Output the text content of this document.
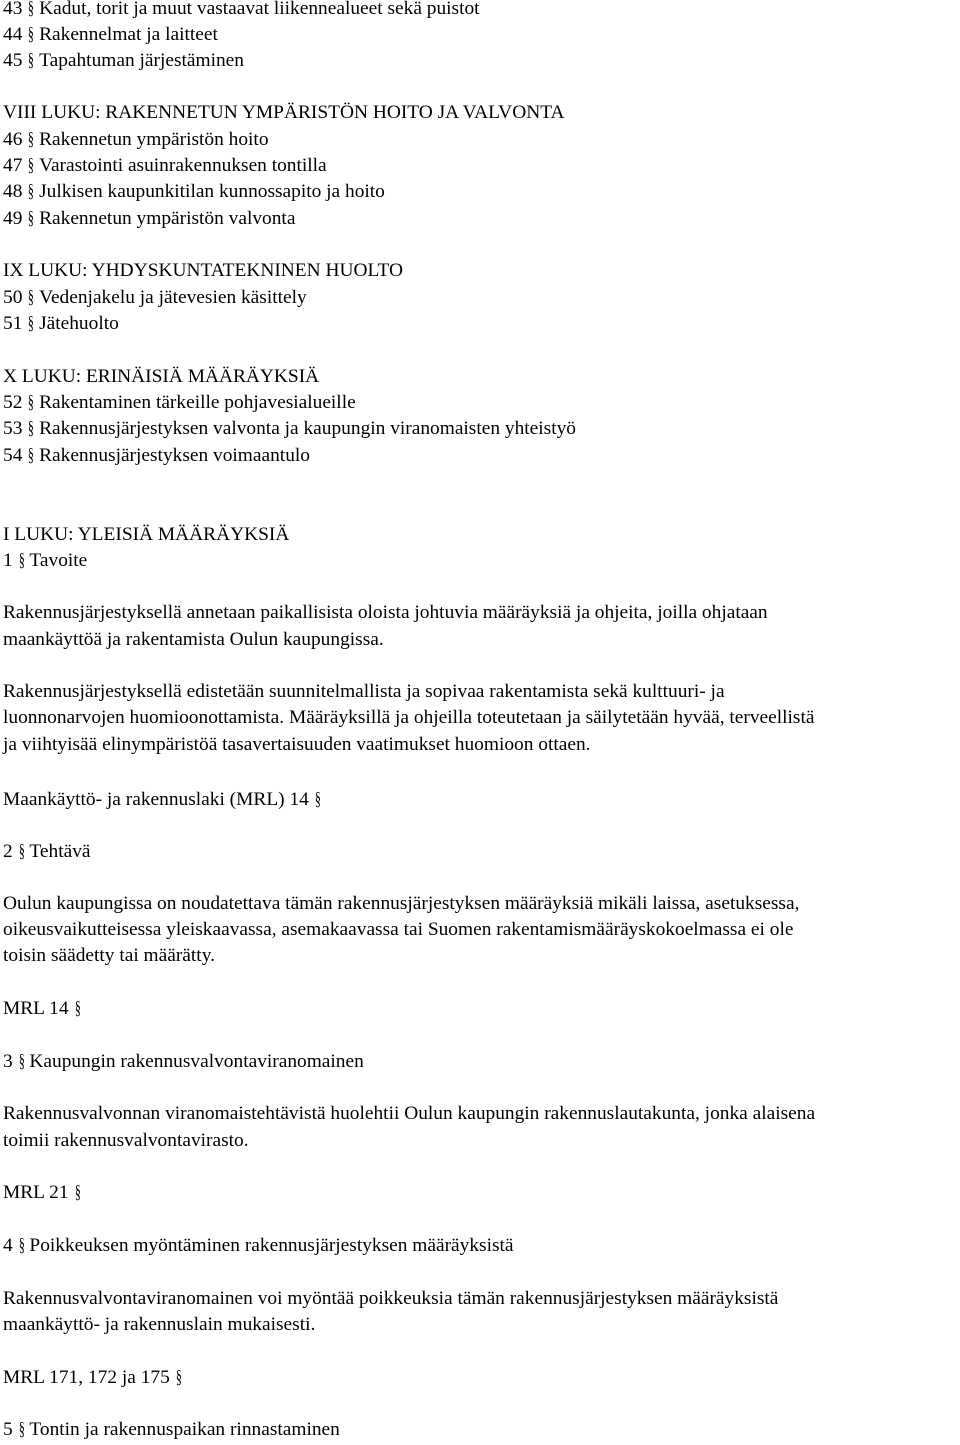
43 § Kadut, torit ja muut vastaavat liikennealueet sekä puistot
44 § Rakennelmat ja laitteet
45 § Tapahtuman järjestäminen
VIII LUKU: RAKENNETUN YMPÄRISTÖN HOITO JA VALVONTA
46 § Rakennetun ympäristön hoito
47 § Varastointi asuinrakennuksen tontilla
48 § Julkisen kaupunkitilan kunnossapito ja hoito
49 § Rakennetun ympäristön valvonta
IX LUKU: YHDYSKUNTATEKNINEN HUOLTO
50 § Vedenjakelu ja jätevesien käsittely
51 § Jätehuolto
X LUKU: ERINÄISIÄ MÄÄRÄYKSIÄ
52 § Rakentaminen tärkeille pohjavesialueille
53 § Rakennusjärjestyksen valvonta ja kaupungin viranomaisten yhteistyö
54 § Rakennusjärjestyksen voimaantulo
I LUKU: YLEISIÄ MÄÄRÄYKSIÄ
1 § Tavoite
Rakennusjärjestyksellä annetaan paikallisista oloista johtuvia määräyksiä ja ohjeita, joilla ohjataan
maankäyttöä ja rakentamista Oulun kaupungissa.
Rakennusjärjestyksellä edistetään suunnitelmallista ja sopivaa rakentamista sekä kulttuuri- ja
luonnonarvojen huomioonottamista. Määräyksillä ja ohjeilla toteutetaan ja säilytetään hyvää, terveellistä
ja viihtyisää elinympäristöä tasavertaisuuden vaatimukset huomioon ottaen.
Maankäyttö- ja rakennuslaki (MRL) 14 §
2 § Tehtävä
Oulun kaupungissa on noudatettava tämän rakennusjärjestyksen määräyksiä mikäli laissa, asetuksessa,
oikeusvaikutteisessa yleiskaavassa, asemakaavassa tai Suomen rakentamismääräyskokoelmassa ei ole
toisin säädetty tai määrätty.
MRL 14 §
3 § Kaupungin rakennusvalvontaviranomainen
Rakennusvalvonnan viranomaistehtävistä huolehtii Oulun kaupungin rakennuslautakunta, jonka alaisena
toimii rakennusvalvontavirasto.
MRL 21 §
4 § Poikkeuksen myöntäminen rakennusjärjestyksen määräyksistä
Rakennusvalvontaviranomainen voi myöntää poikkeuksia tämän rakennusjärjestyksen määräyksistä
maankäyttö- ja rakennuslain mukaisesti.
MRL 171, 172 ja 175 §
5 § Tontin ja rakennuspaikan rinnastaminen
